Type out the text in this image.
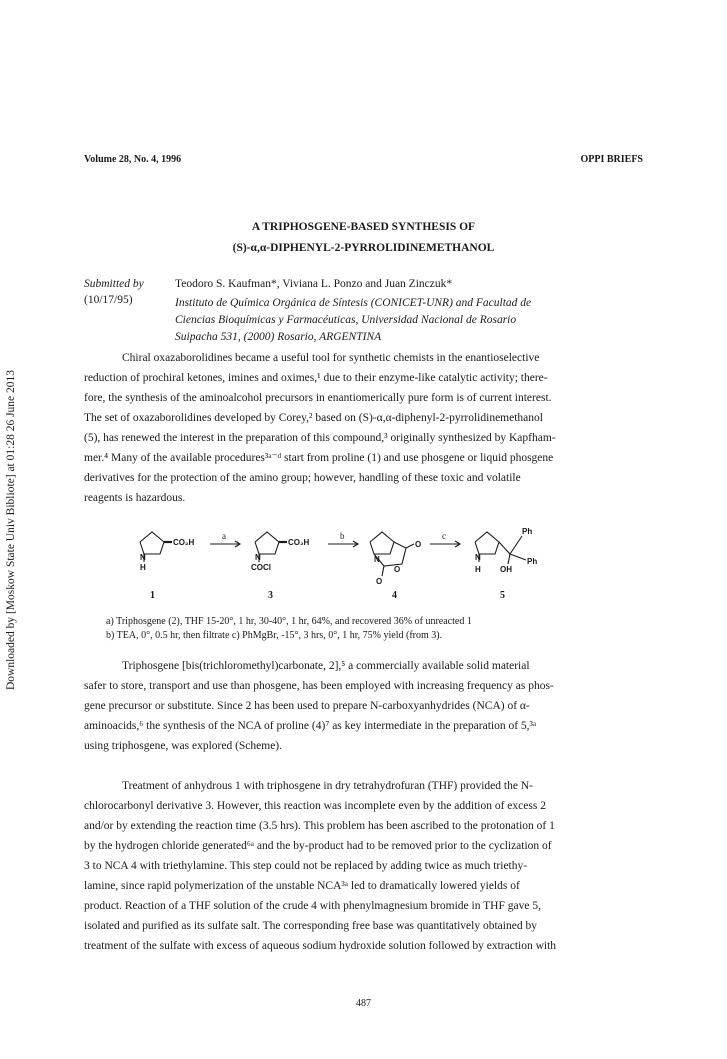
Downloaded by [Moskow State Univ Bibliote] at 01:28 26 June 2013
Volume 28, No. 4, 1996	OPPI BRIEFS
A TRIPHOSGENE-BASED SYNTHESIS OF
(S)-α,α-DIPHENYL-2-PYRROLIDINEMETHANOL
Submitted by
(10/17/95)
Teodoro S. Kaufman*, Viviana L. Ponzo and Juan Zinczuk*
Instituto de Química Orgánica de Síntesis (CONICET-UNR) and Facultad de
Ciencias Bioquímicas y Farmacéuticas, Universidad Nacional de Rosario
Suipacha 531, (2000) Rosario, ARGENTINA
Chiral oxazaborolidines became a useful tool for synthetic chemists in the enantioselective
reduction of prochiral ketones, imines and oximes,¹ due to their enzyme-like catalytic activity; there-
fore, the synthesis of the aminoalcohol precursors in enantiomerically pure form is of current interest.
The set of oxazaborolidines developed by Corey,² based on (S)-α,α-diphenyl-2-pyrrolidinemethanol
(5), has renewed the interest in the preparation of this compound,³ originally synthesized by Kapfham-
mer.⁴ Many of the available procedures³ᵃ⁻ᵈ start from proline (1) and use phosgene or liquid phosgene
derivatives for the protection of the amino group; however, handling of these toxic and volatile
reagents is hazardous.
CO₂H
N
H
CO₂H
N
COCl
O
N
O
O
Ph
Ph
N
H OH
a	b	c
1	3	4	5
a) Triphosgene (2), THF 15-20°, 1 hr, 30-40°, 1 hr, 64%, and recovered 36% of unreacted 1
b) TEA, 0°, 0.5 hr, then filtrate c) PhMgBr, -15°, 3 hrs, 0°, 1 hr, 75% yield (from 3).
Triphosgene [bis(trichloromethyl)carbonate, 2],⁵ a commercially available solid material
safer to store, transport and use than phosgene, has been employed with increasing frequency as phos-
gene precursor or substitute. Since 2 has been used to prepare N-carboxyanhydrides (NCA) of α-
aminoacids,⁶ the synthesis of the NCA of proline (4)⁷ as key intermediate in the preparation of 5,³ᵃ
using triphosgene, was explored (Scheme).
Treatment of anhydrous 1 with triphosgene in dry tetrahydrofuran (THF) provided the N-
chlorocarbonyl derivative 3. However, this reaction was incomplete even by the addition of excess 2
and/or by extending the reaction time (3.5 hrs). This problem has been ascribed to the protonation of 1
by the hydrogen chloride generated⁶ᵃ and the by-product had to be removed prior to the cyclization of
3 to NCA 4 with triethylamine. This step could not be replaced by adding twice as much triethy-
lamine, since rapid polymerization of the unstable NCA³ᵃ led to dramatically lowered yields of
product. Reaction of a THF solution of the crude 4 with phenylmagnesium bromide in THF gave 5,
isolated and purified as its sulfate salt. The corresponding free base was quantitatively obtained by
treatment of the sulfate with excess of aqueous sodium hydroxide solution followed by extraction with
487
